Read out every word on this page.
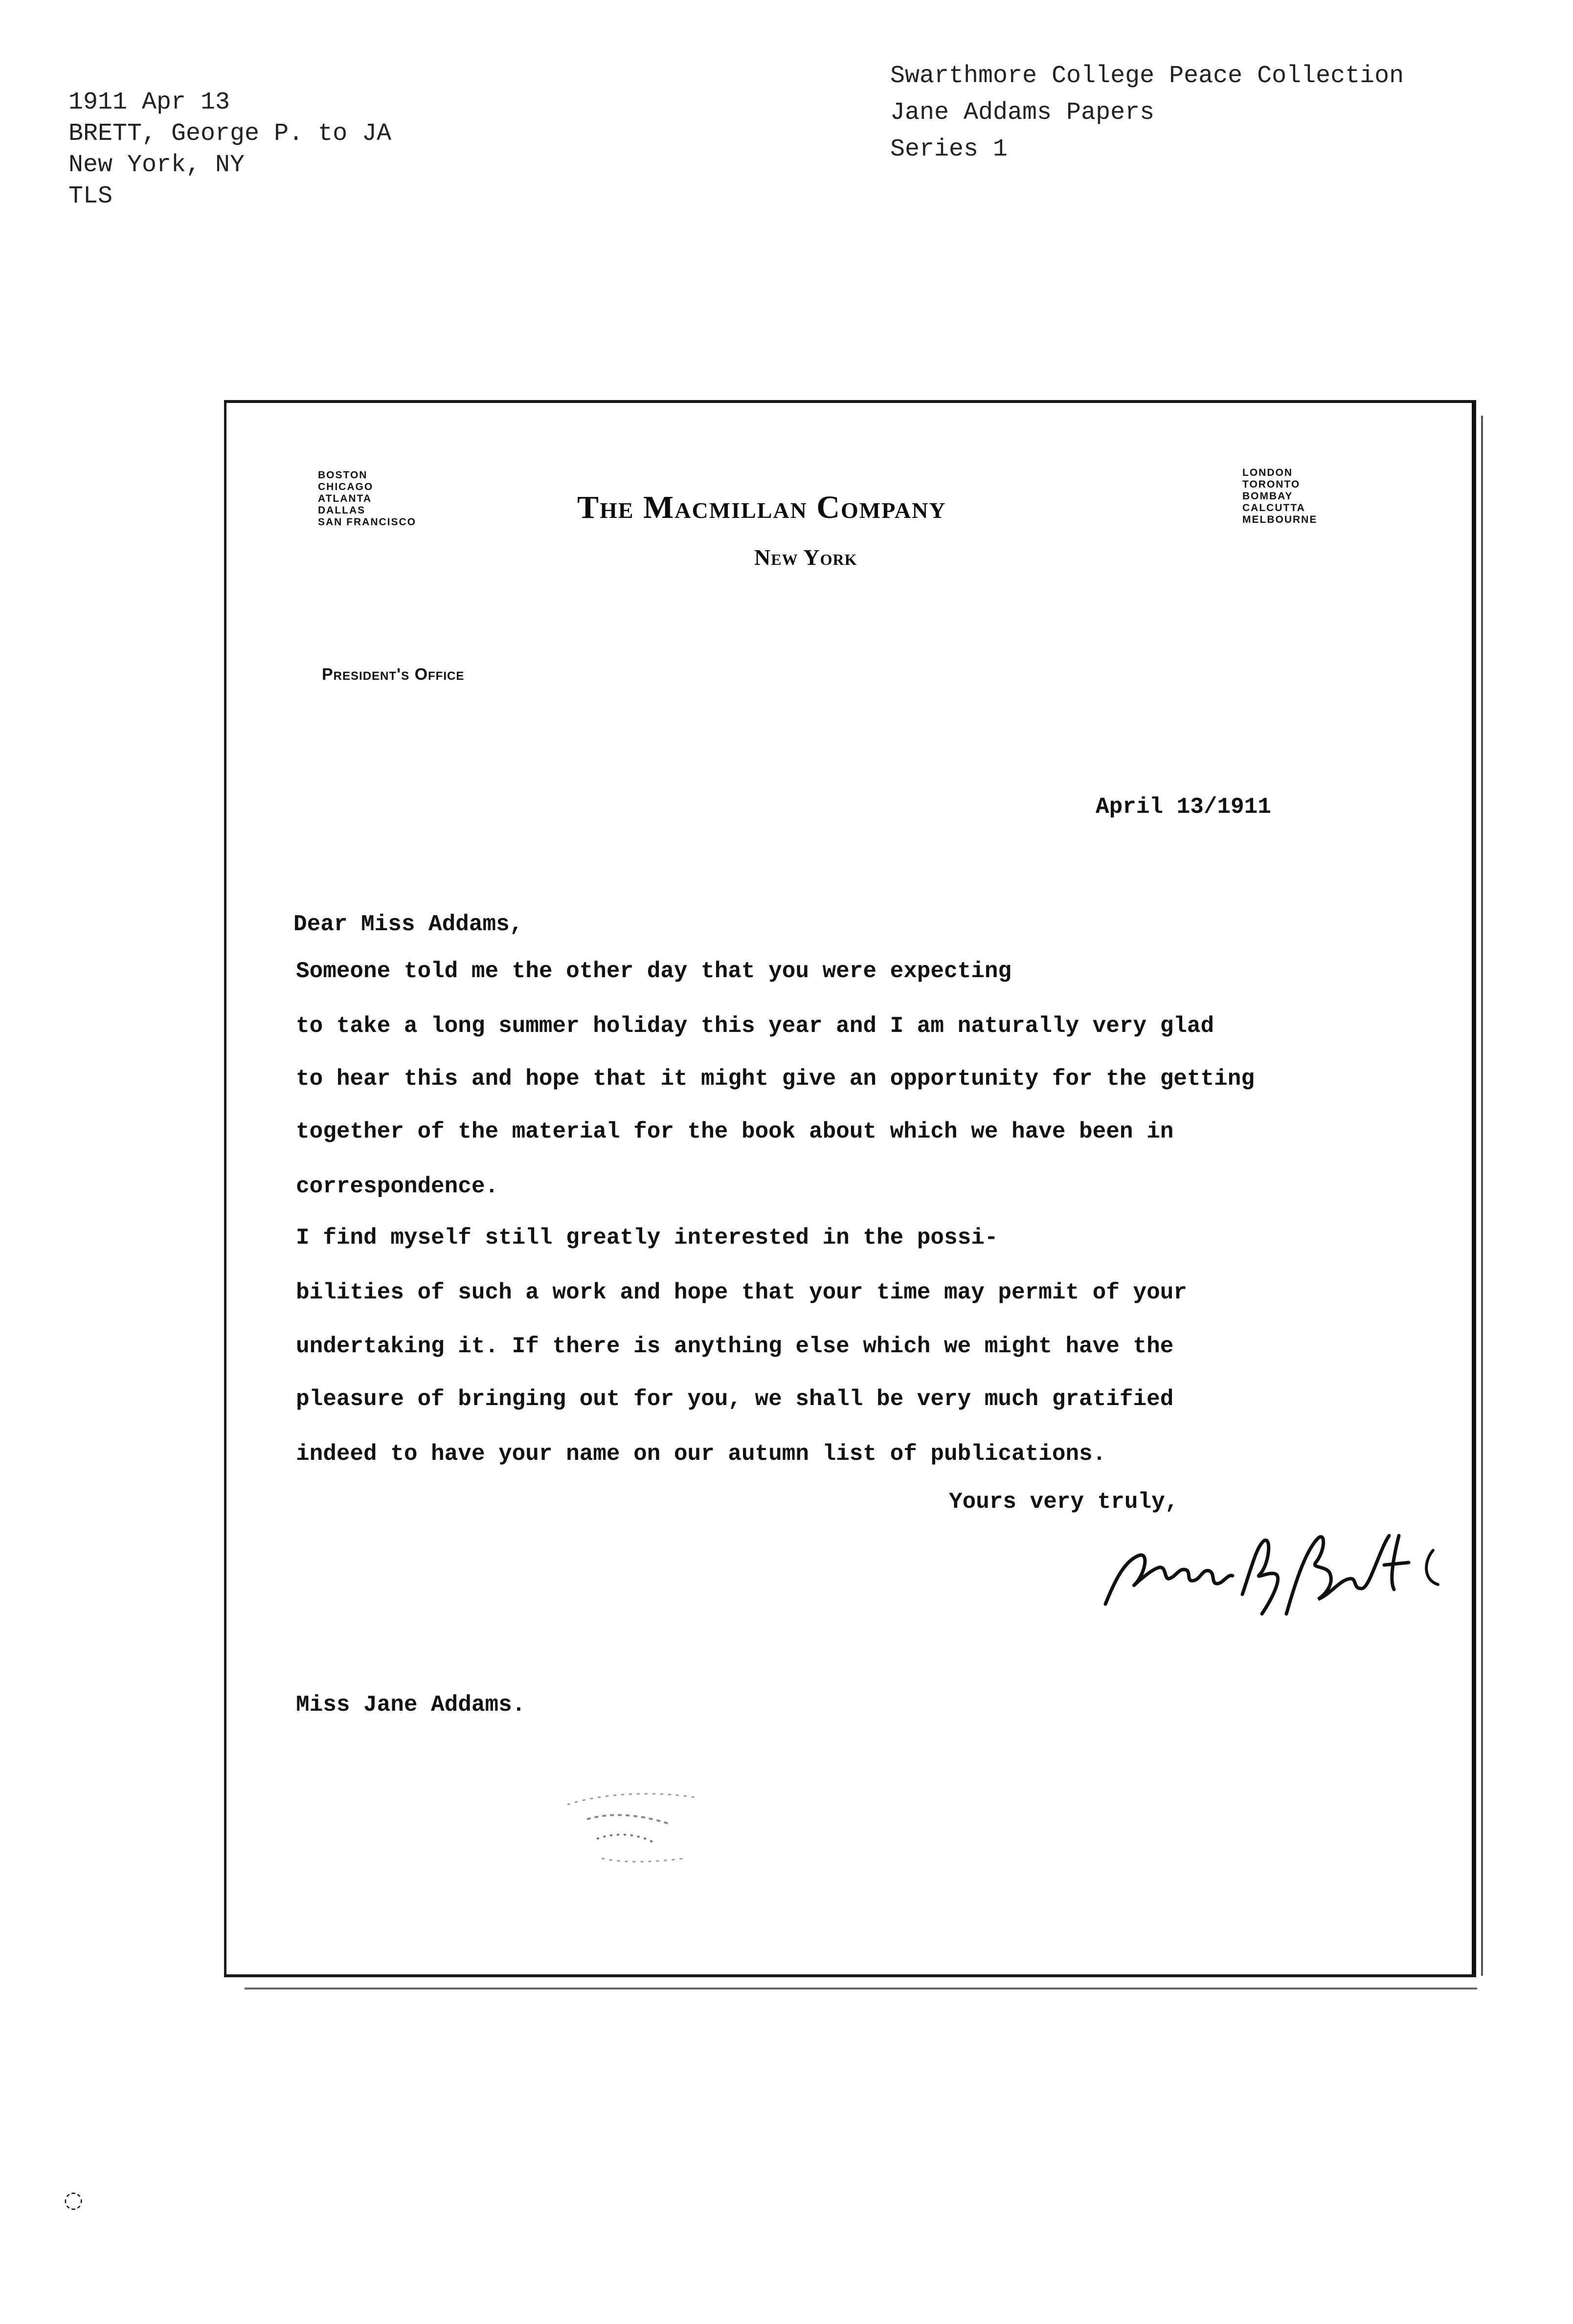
1911 Apr 13
BRETT, George P. to JA
New York, NY
TLS
Swarthmore College Peace Collection
Jane Addams Papers
Series 1
BOSTON
CHICAGO
ATLANTA
DALLAS
SAN FRANCISCO
LONDON
TORONTO
BOMBAY
CALCUTTA
MELBOURNE
The Macmillan Company
New York
President's Office
April 13/1911
Dear Miss Addams,
Someone told me the other day that you were expecting
to take a long summer holiday this year and I am naturally very glad
to hear this and hope that it might give an opportunity for the getting
together of the material for the book about which we have been in
correspondence.
I find myself still greatly interested in the possi-
bilities of such a work and hope that your time may permit of your
undertaking it. If there is anything else which we might have the
pleasure of bringing out for you, we shall be very much gratified
indeed to have your name on our autumn list of publications.
Yours very truly,
Miss Jane Addams.
◌
